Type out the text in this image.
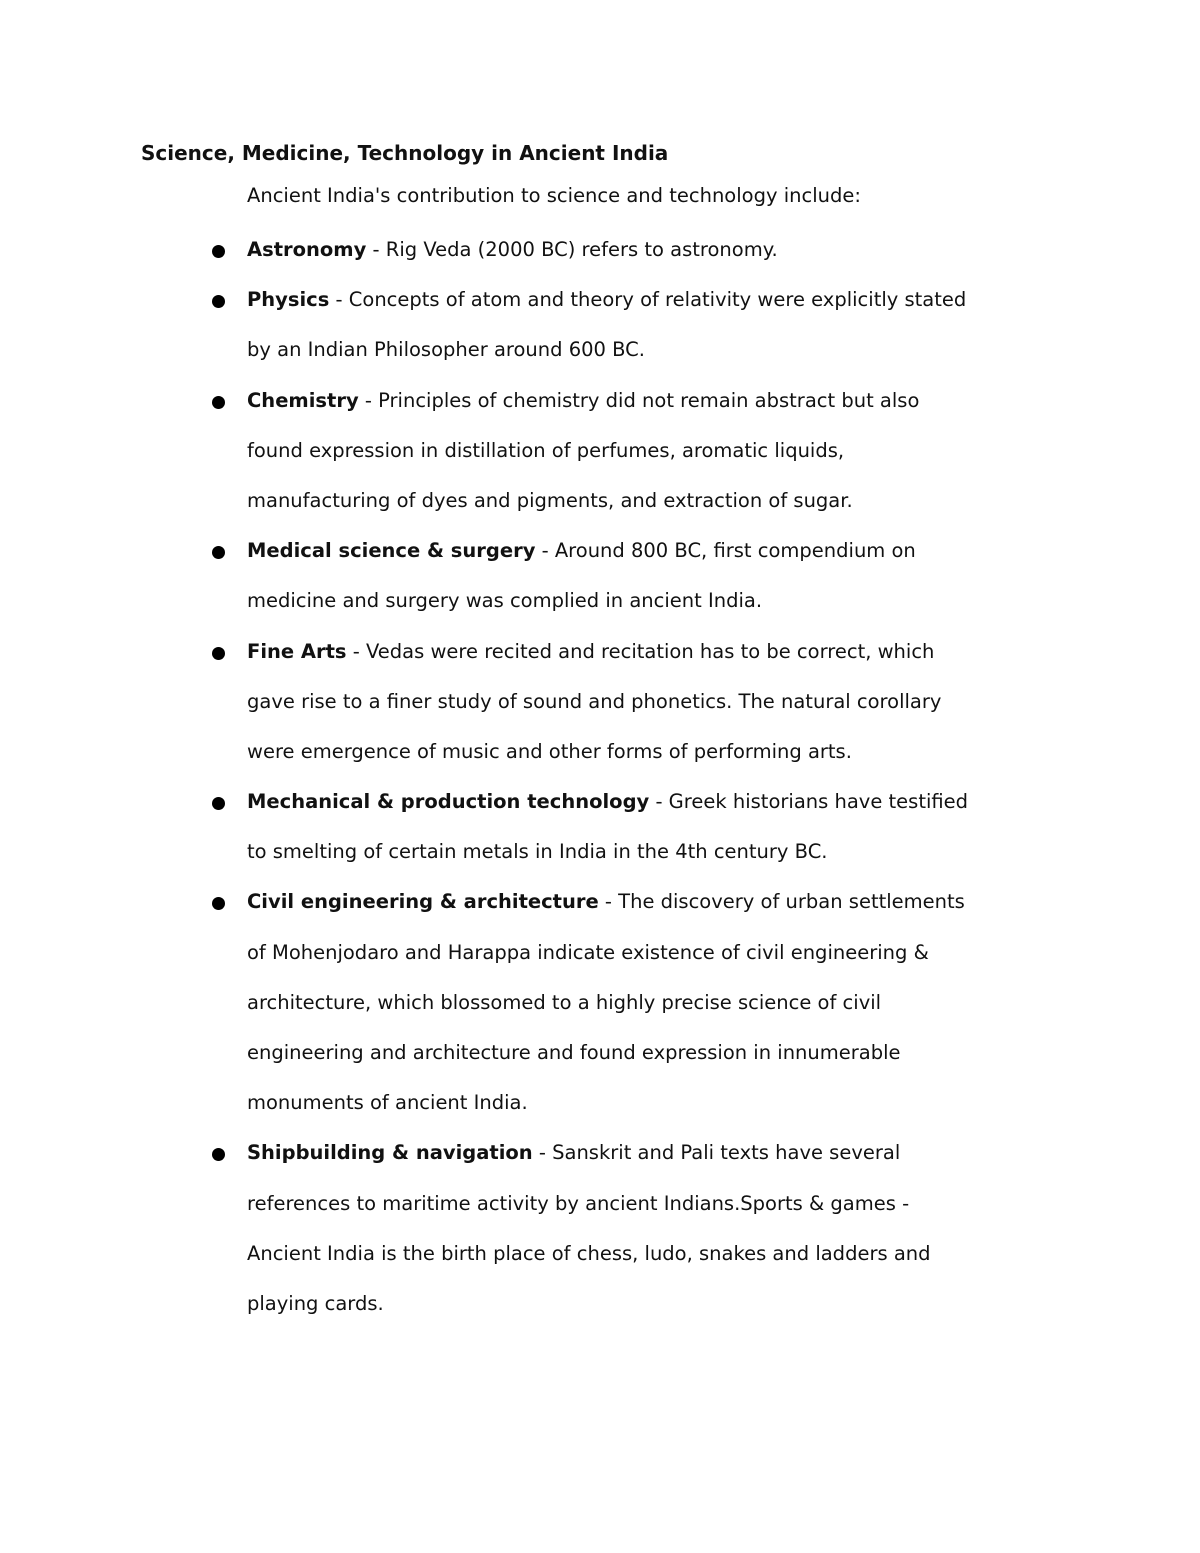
Science, Medicine, Technology in Ancient India
Ancient India's contribution to science and technology include:
Astronomy - Rig Veda (2000 BC) refers to astronomy.
Physics - Concepts of atom and theory of relativity were explicitly stated
by an Indian Philosopher around 600 BC.
Chemistry - Principles of chemistry did not remain abstract but also
found expression in distillation of perfumes, aromatic liquids,
manufacturing of dyes and pigments, and extraction of sugar.
Medical science & surgery - Around 800 BC, first compendium on
medicine and surgery was complied in ancient India.
Fine Arts - Vedas were recited and recitation has to be correct, which
gave rise to a finer study of sound and phonetics. The natural corollary
were emergence of music and other forms of performing arts.
Mechanical & production technology - Greek historians have testified
to smelting of certain metals in India in the 4th century BC.
Civil engineering & architecture - The discovery of urban settlements
of Mohenjodaro and Harappa indicate existence of civil engineering &
architecture, which blossomed to a highly precise science of civil
engineering and architecture and found expression in innumerable
monuments of ancient India.
Shipbuilding & navigation - Sanskrit and Pali texts have several
references to maritime activity by ancient Indians.Sports & games -
Ancient India is the birth place of chess, ludo, snakes and ladders and
playing cards.
